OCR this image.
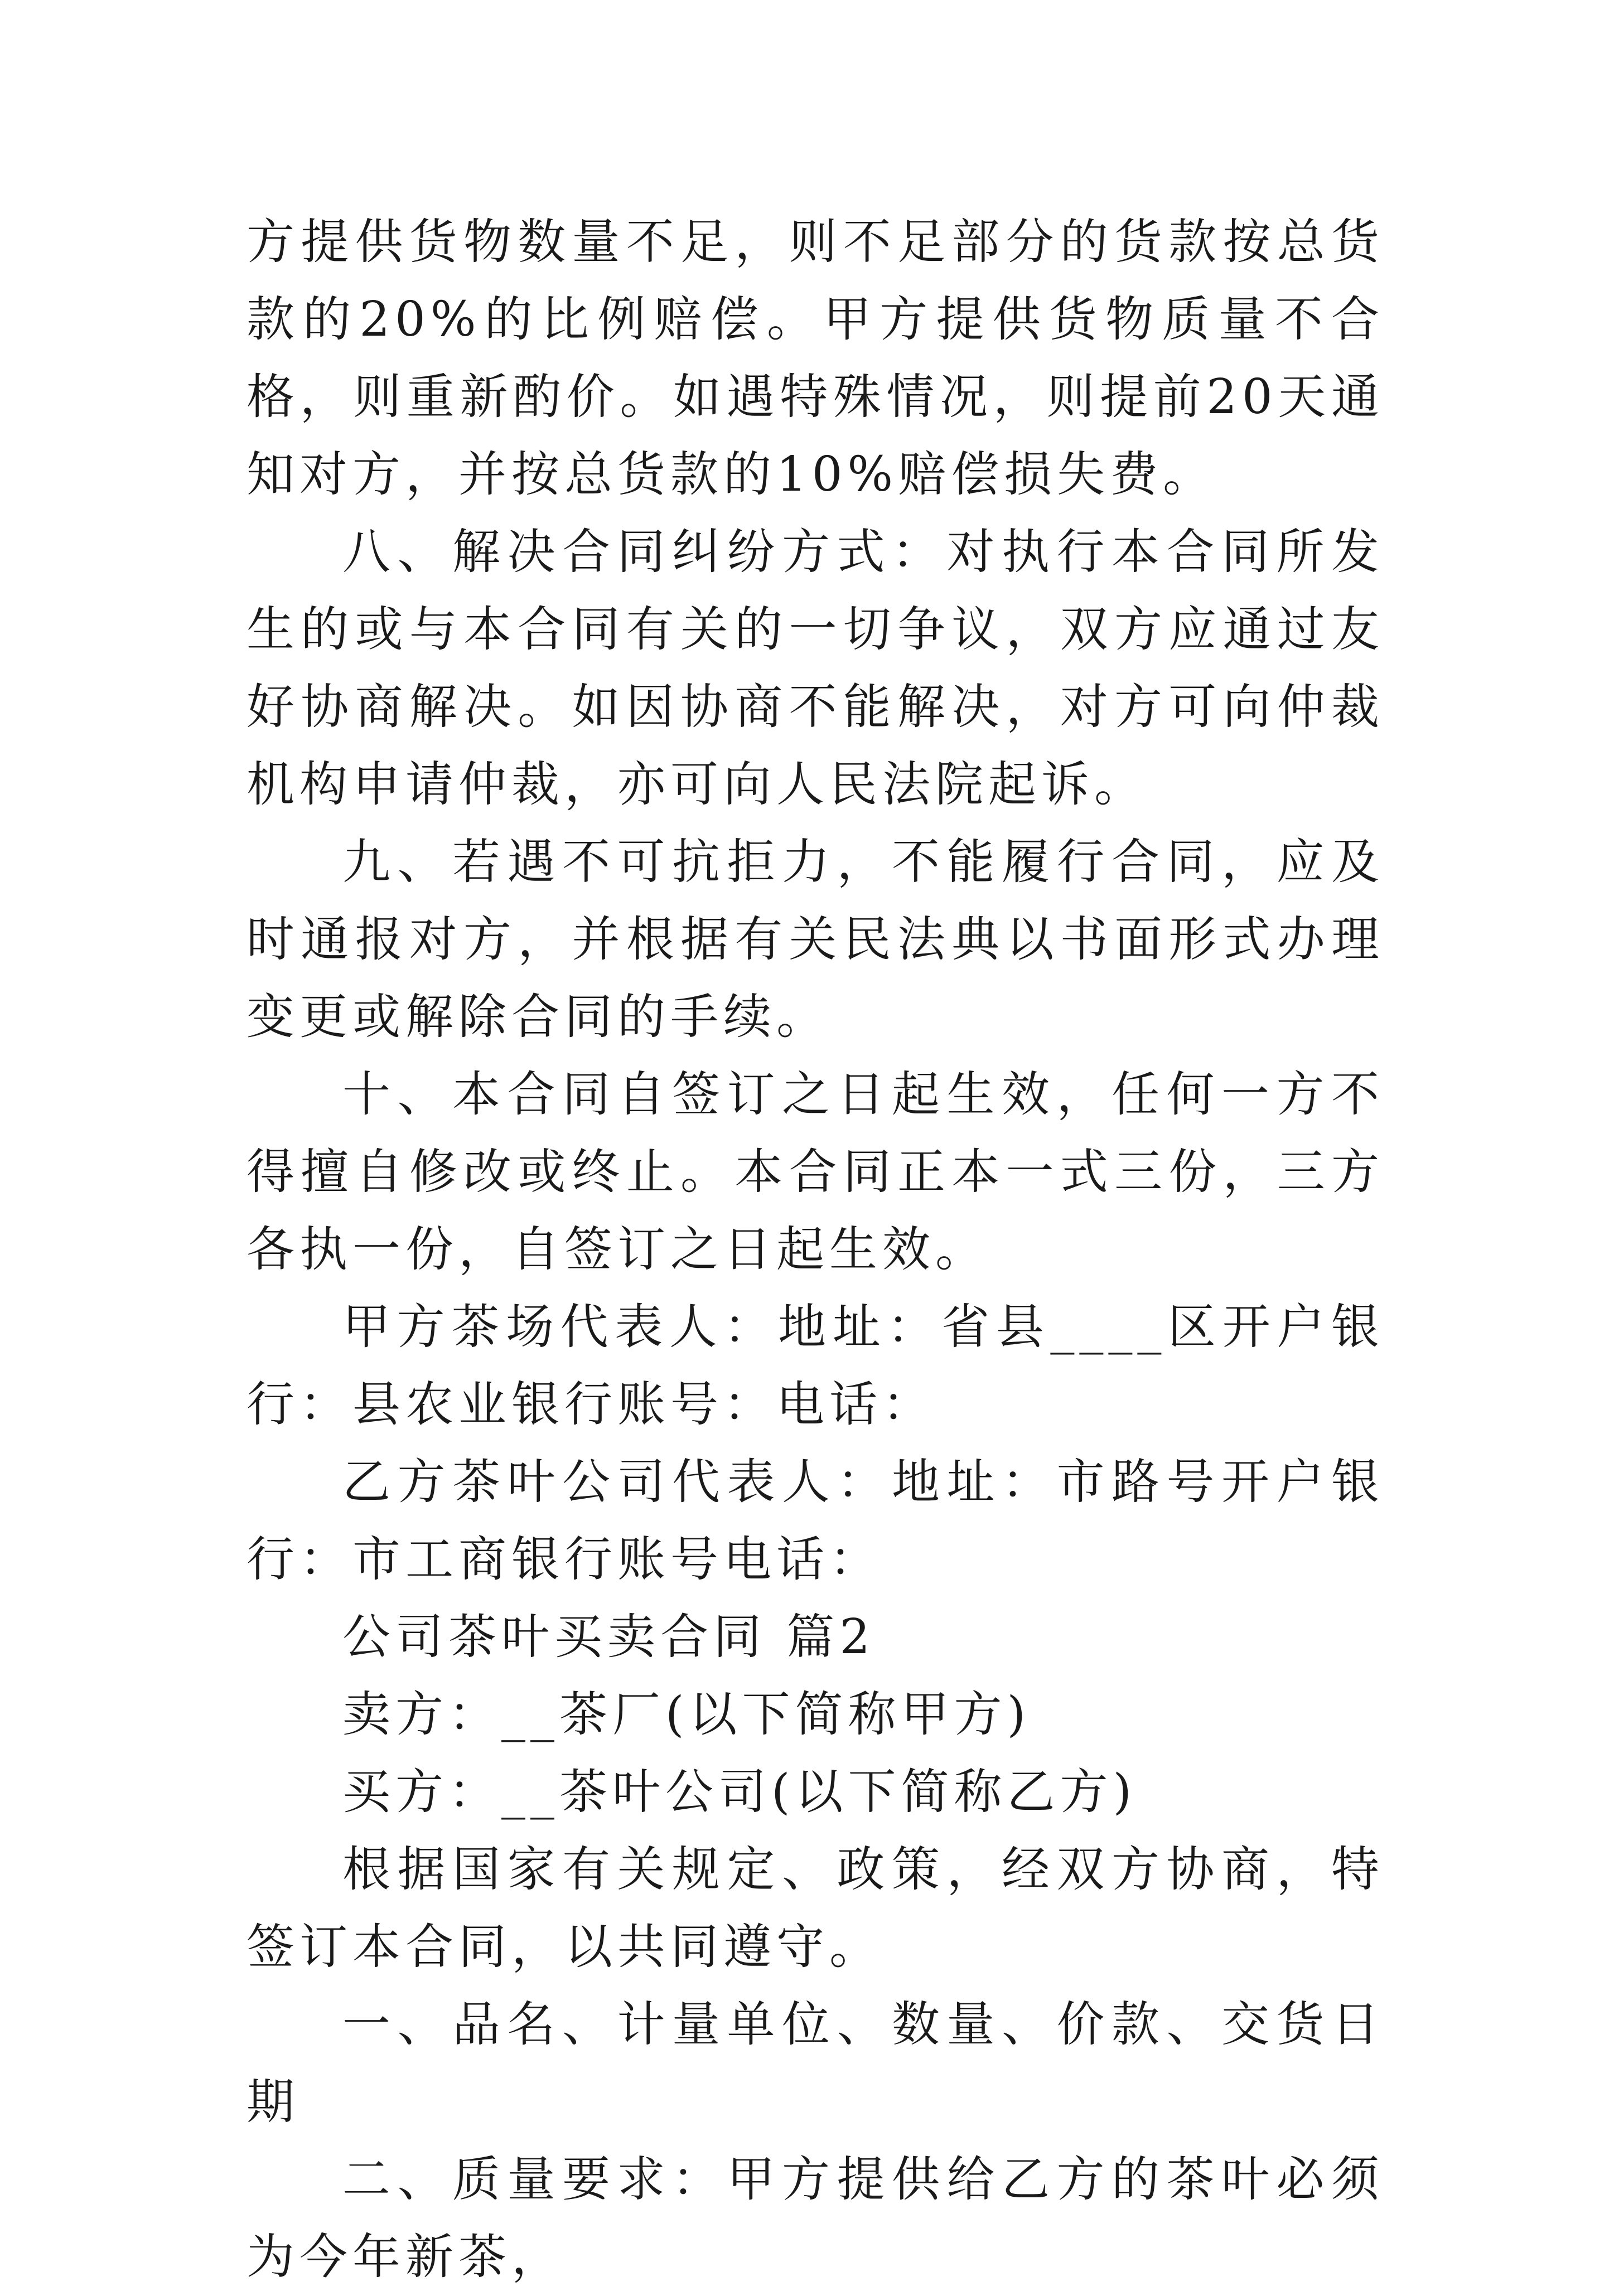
方提供货物数量不足，则不足部分的货款按总货款的20%的比例赔偿。甲方提供货物质量不合格，则重新酌价。如遇特殊情况，则提前20天通知对方，并按总货款的10%赔偿损失费。

八、解决合同纠纷方式：对执行本合同所发生的或与本合同有关的一切争议，双方应通过友好协商解决。如因协商不能解决，对方可向仲裁机构申请仲裁，亦可向人民法院起诉。

九、若遇不可抗拒力，不能履行合同，应及时通报对方，并根据有关民法典以书面形式办理变更或解除合同的手续。

十、本合同自签订之日起生效，任何一方不得擅自修改或终止。本合同正本一式三份，三方各执一份，自签订之日起生效。

甲方茶场代表人：地址：省县____区开户银行：县农业银行账号：电话：

乙方茶叶公司代表人：地址：市路号开户银行：市工商银行账号电话：

公司茶叶买卖合同 篇2

卖方：__茶厂(以下简称甲方)

买方：__茶叶公司(以下简称乙方)

根据国家有关规定、政策，经双方协商，特签订本合同，以共同遵守。

一、品名、计量单位、数量、价款、交货日期

二、质量要求：甲方提供给乙方的茶叶必须为今年新茶，
